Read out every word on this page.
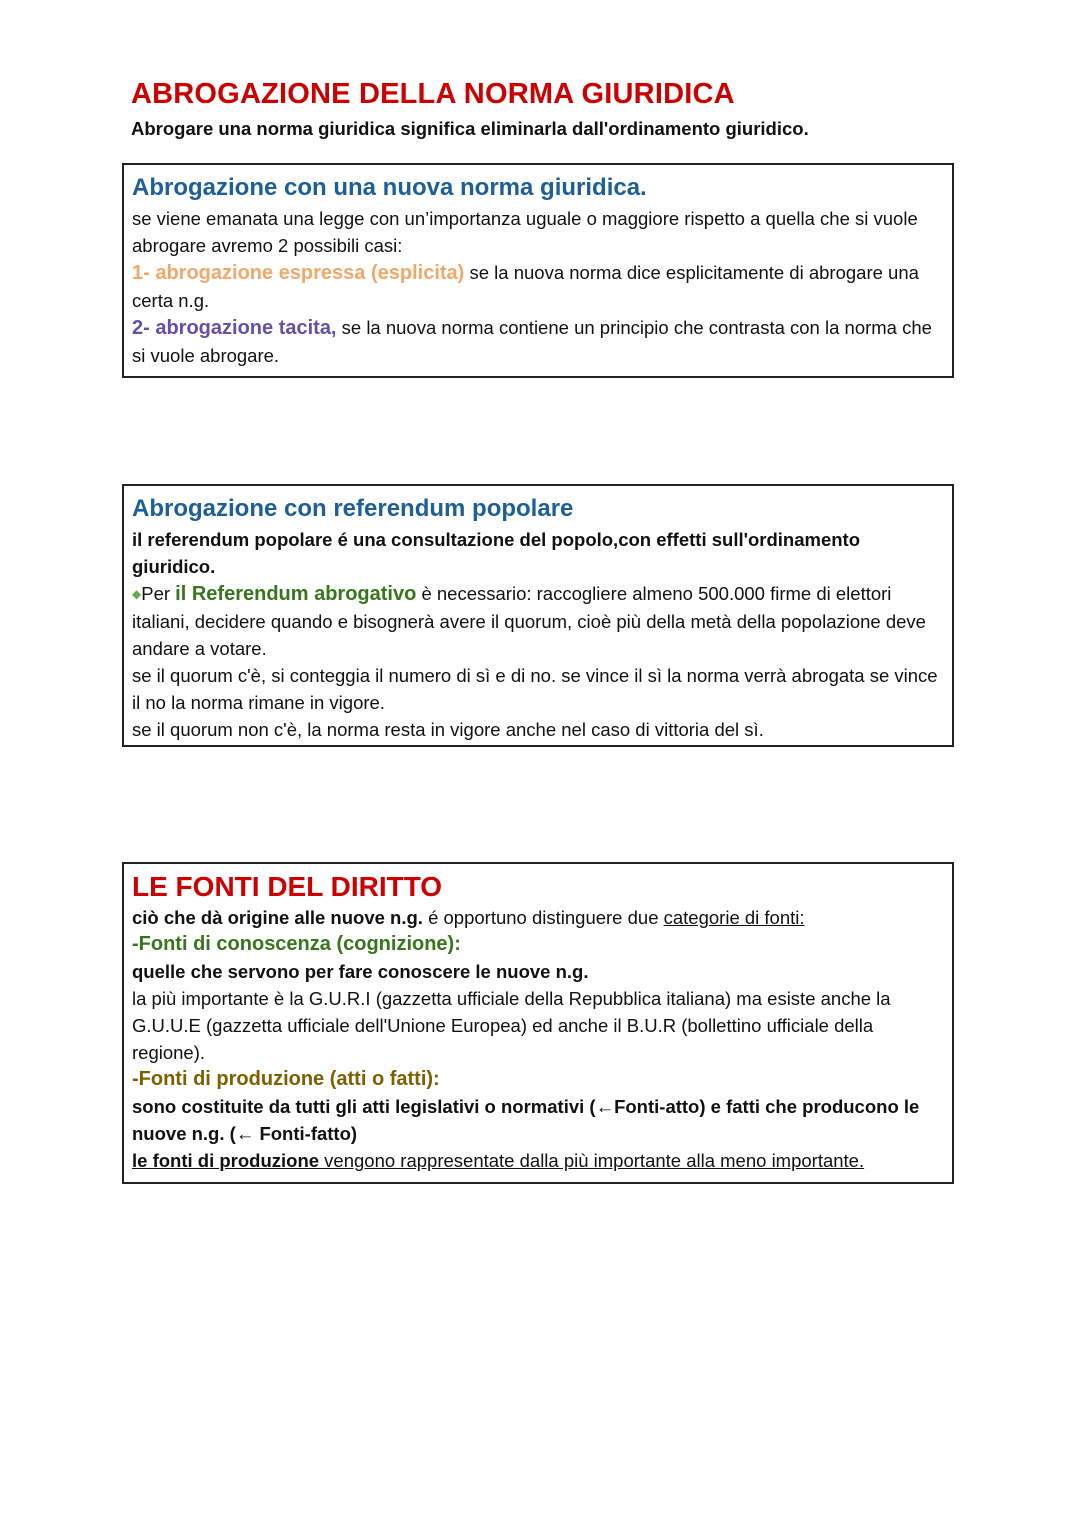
ABROGAZIONE DELLA NORMA GIURIDICA

Abrogare una norma giuridica significa eliminarla dall'ordinamento giuridico.

Abrogazione con una nuova norma giuridica.

se viene emanata una legge con un’importanza uguale o maggiore rispetto a quella che si vuole abrogare avremo 2 possibili casi:

1- abrogazione espressa (esplicita) se la nuova norma dice esplicitamente di abrogare una certa n.g.

2- abrogazione tacita, se la nuova norma contiene un principio che contrasta con la norma che si vuole abrogare.

Abrogazione con referendum popolare

il referendum popolare é una consultazione del popolo,con effetti sull'ordinamento giuridico.

◆Per il Referendum abrogativo è necessario: raccogliere almeno 500.000 firme di elettori italiani, decidere quando e bisognerà avere il quorum, cioè più della metà della popolazione deve andare a votare.

se il quorum c'è, si conteggia il numero di sì e di no. se vince il sì la norma verrà abrogata se vince il no la norma rimane in vigore.

se il quorum non c'è, la norma resta in vigore anche nel caso di vittoria del sì.

LE FONTI DEL DIRITTO

ciò che dà origine alle nuove n.g. é opportuno distinguere due categorie di fonti:

-Fonti di conoscenza (cognizione):

quelle che servono per fare conoscere le nuove n.g.

la più importante è la G.U.R.I (gazzetta ufficiale della Repubblica italiana) ma esiste anche la G.U.U.E (gazzetta ufficiale dell'Unione Europea) ed anche il B.U.R (bollettino ufficiale della regione).

-Fonti di produzione (atti o fatti):

sono costituite da tutti gli atti legislativi o normativi (←Fonti-atto) e fatti che producono le nuove n.g. (← Fonti-fatto)

le fonti di produzione vengono rappresentate dalla più importante alla meno importante.
